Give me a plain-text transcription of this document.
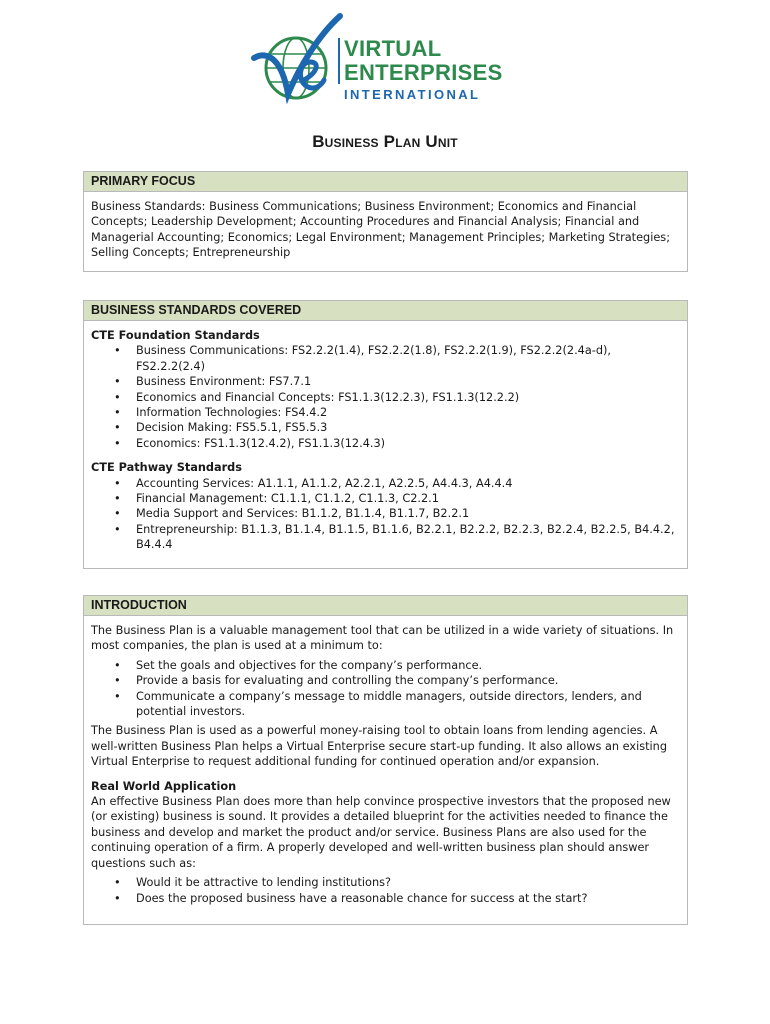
VIRTUAL
ENTERPRISES
INTERNATIONAL
Business Plan Unit
PRIMARY FOCUS

Business Standards: Business Communications; Business Environment; Economics and Financial Concepts; Leadership Development; Accounting Procedures and Financial Analysis; Financial and Managerial Accounting; Economics; Legal Environment; Management Principles; Marketing Strategies; Selling Concepts; Entrepreneurship

BUSINESS STANDARDS COVERED

CTE Foundation Standards

• Business Communications: FS2.2.2(1.4), FS2.2.2(1.8), FS2.2.2(1.9), FS2.2.2(2.4a-d), FS2.2.2(2.4)
• Business Environment: FS7.7.1
• Economics and Financial Concepts: FS1.1.3(12.2.3), FS1.1.3(12.2.2)
• Information Technologies: FS4.4.2
• Decision Making: FS5.5.1, FS5.5.3
• Economics: FS1.1.3(12.4.2), FS1.1.3(12.4.3)

CTE Pathway Standards

• Accounting Services: A1.1.1, A1.1.2, A2.2.1, A2.2.5, A4.4.3, A4.4.4
• Financial Management: C1.1.1, C1.1.2, C1.1.3, C2.2.1
• Media Support and Services: B1.1.2, B1.1.4, B1.1.7, B2.2.1
• Entrepreneurship: B1.1.3, B1.1.4, B1.1.5, B1.1.6, B2.2.1, B2.2.2, B2.2.3, B2.2.4, B2.2.5, B4.4.2, B4.4.4
INTRODUCTION

The Business Plan is a valuable management tool that can be utilized in a wide variety of situations. In most companies, the plan is used at a minimum to:

• Set the goals and objectives for the company’s performance.
• Provide a basis for evaluating and controlling the company’s performance.
• Communicate a company’s message to middle managers, outside directors, lenders, and potential investors.

The Business Plan is used as a powerful money-raising tool to obtain loans from lending agencies. A well-written Business Plan helps a Virtual Enterprise secure start-up funding. It also allows an existing Virtual Enterprise to request additional funding for continued operation and/or expansion.

Real World Application

An effective Business Plan does more than help convince prospective investors that the proposed new (or existing) business is sound. It provides a detailed blueprint for the activities needed to finance the business and develop and market the product and/or service. Business Plans are also used for the continuing operation of a firm. A properly developed and well-written business plan should answer questions such as:

• Would it be attractive to lending institutions?
• Does the proposed business have a reasonable chance for success at the start?
